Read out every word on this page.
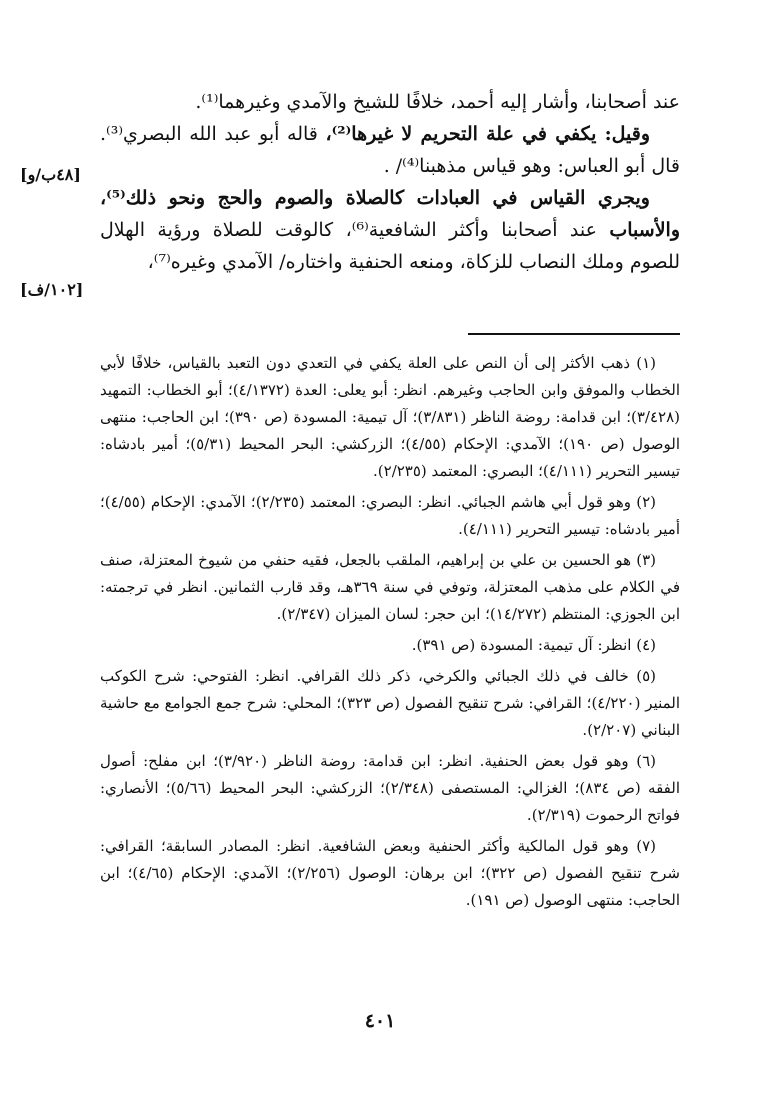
عند أصحابنا، وأشار إليه أحمد، خلافًا للشيخ والآمدي وغيرهما⁽¹⁾.

وقيل: يكفي في علة التحريم لا غيرها⁽²⁾، قاله أبو عبد الله البصري⁽³⁾. قال أبو العباس: وهو قياس مذهبنا⁽⁴⁾/ .

ويجري القياس في العبادات كالصلاة والصوم والحج ونحو ذلك⁽⁵⁾، والأسباب عند أصحابنا وأكثر الشافعية⁽⁶⁾، كالوقت للصلاة ورؤية الهلال للصوم وملك النصاب للزكاة، ومنعه الحنفية واختاره/ الآمدي وغيره⁽⁷⁾،

[٤٨ب/و]
[١٠٢/ف]

(١) ذهب الأكثر إلى أن النص على العلة يكفي في التعدي دون التعبد بالقياس، خلافًا لأبي الخطاب والموفق وابن الحاجب وغيرهم. انظر: أبو يعلى: العدة (٤/١٣٧٢)؛ أبو الخطاب: التمهيد (٣/٤٢٨)؛ ابن قدامة: روضة الناظر (٣/٨٣١)؛ آل تيمية: المسودة (ص ٣٩٠)؛ ابن الحاجب: منتهى الوصول (ص ١٩٠)؛ الآمدي: الإحكام (٤/٥٥)؛ الزركشي: البحر المحيط (٥/٣١)؛ أمير بادشاه: تيسير التحرير (٤/١١١)؛ البصري: المعتمد (٢/٢٣٥).

(٢) وهو قول أبي هاشم الجبائي. انظر: البصري: المعتمد (٢/٢٣٥)؛ الآمدي: الإحكام (٤/٥٥)؛ أمير بادشاه: تيسير التحرير (٤/١١١).

(٣) هو الحسين بن علي بن إبراهيم، الملقب بالجعل، فقيه حنفي من شيوخ المعتزلة، صنف في الكلام على مذهب المعتزلة، وتوفي في سنة ٣٦٩هـ، وقد قارب الثمانين. انظر في ترجمته: ابن الجوزي: المنتظم (١٤/٢٧٢)؛ ابن حجر: لسان الميزان (٢/٣٤٧).

(٤) انظر: آل تيمية: المسودة (ص ٣٩١).

(٥) خالف في ذلك الجبائي والكرخي، ذكر ذلك القرافي. انظر: الفتوحي: شرح الكوكب المنير (٤/٢٢٠)؛ القرافي: شرح تنقيح الفصول (ص ٣٢٣)؛ المحلي: شرح جمع الجوامع مع حاشية البناني (٢/٢٠٧).

(٦) وهو قول بعض الحنفية. انظر: ابن قدامة: روضة الناظر (٣/٩٢٠)؛ ابن مفلح: أصول الفقه (ص ٨٣٤)؛ الغزالي: المستصفى (٢/٣٤٨)؛ الزركشي: البحر المحيط (٥/٦٦)؛ الأنصاري: فواتح الرحموت (٢/٣١٩).

(٧) وهو قول المالكية وأكثر الحنفية وبعض الشافعية. انظر: المصادر السابقة؛ القرافي: شرح تنقيح الفصول (ص ٣٢٢)؛ ابن برهان: الوصول (٢/٢٥٦)؛ الآمدي: الإحكام (٤/٦٥)؛ ابن الحاجب: منتهى الوصول (ص ١٩١).

٤٠١
